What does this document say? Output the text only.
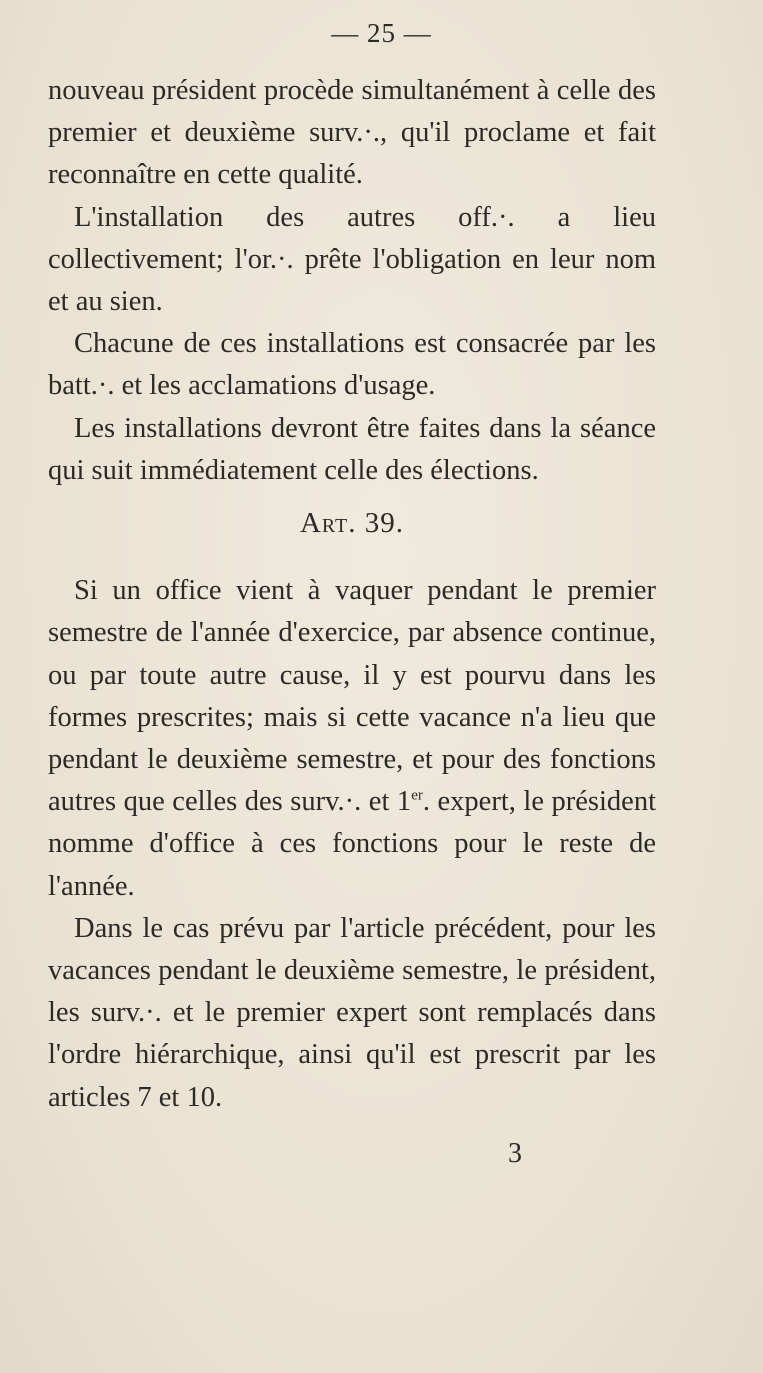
— 25 —

nouveau président procède simultanément à celle des premier et deuxième surv.·., qu'il proclame et fait reconnaître en cette qualité.

L'installation des autres off.·. a lieu collectivement; l'or.·. prête l'obligation en leur nom et au sien.

Chacune de ces installations est consacrée par les batt.·. et les acclamations d'usage.

Les installations devront être faites dans la séance qui suit immédiatement celle des élections.

Art. 39.

Si un office vient à vaquer pendant le premier semestre de l'année d'exercice, par absence continue, ou par toute autre cause, il y est pourvu dans les formes prescrites; mais si cette vacance n'a lieu que pendant le deuxième semestre, et pour des fonctions autres que celles des surv.·. et 1er. expert, le président nomme d'office à ces fonctions pour le reste de l'année.

Dans le cas prévu par l'article précédent, pour les vacances pendant le deuxième semestre, le président, les surv.·. et le premier expert sont remplacés dans l'ordre hiérarchique, ainsi qu'il est prescrit par les articles 7 et 10.

3
